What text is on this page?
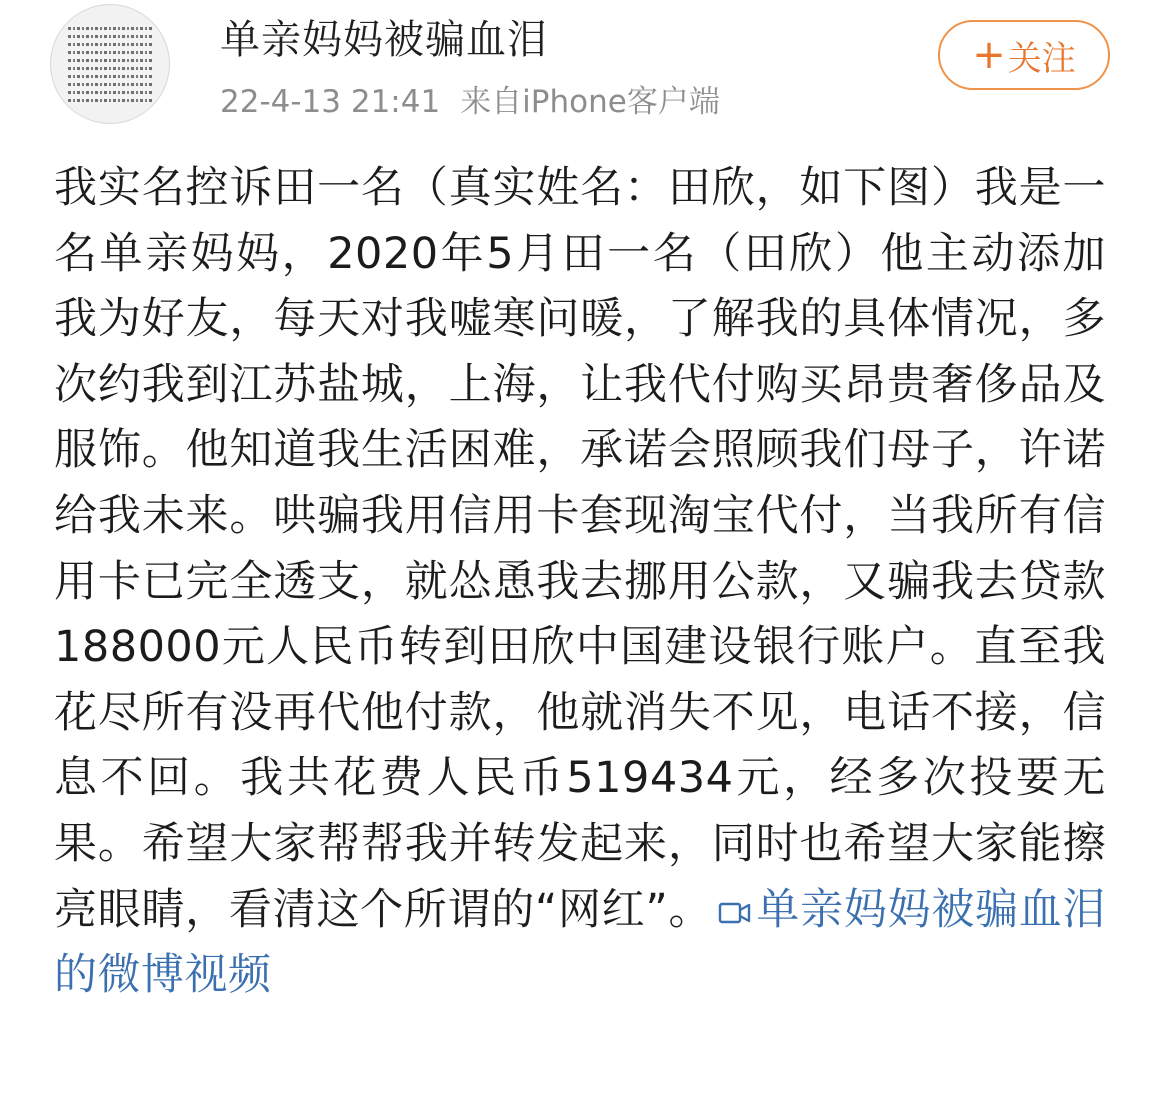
单亲妈妈被骗血泪
22-4-13 21:41 来自iPhone客户端
+ 关注
我实名控诉田一名（真实姓名：田欣，如下图）我是一名单亲妈妈，2020年5月田一名（田欣）他主动添加我为好友，每天对我嘘寒问暖，了解我的具体情况，多次约我到江苏盐城，上海，让我代付购买昂贵奢侈品及服饰。他知道我生活困难，承诺会照顾我们母子，许诺给我未来。哄骗我用信用卡套现淘宝代付，当我所有信用卡已完全透支，就怂恿我去挪用公款，又骗我去贷款188000元人民币转到田欣中国建设银行账户。直至我花尽所有没再代他付款，他就消失不见，电话不接，信息不回。我共花费人民币519434元，经多次投要无果。希望大家帮帮我并转发起来，同时也希望大家能擦亮眼睛，看清这个所谓的“网红”。 单亲妈妈被骗血泪的微博视频
